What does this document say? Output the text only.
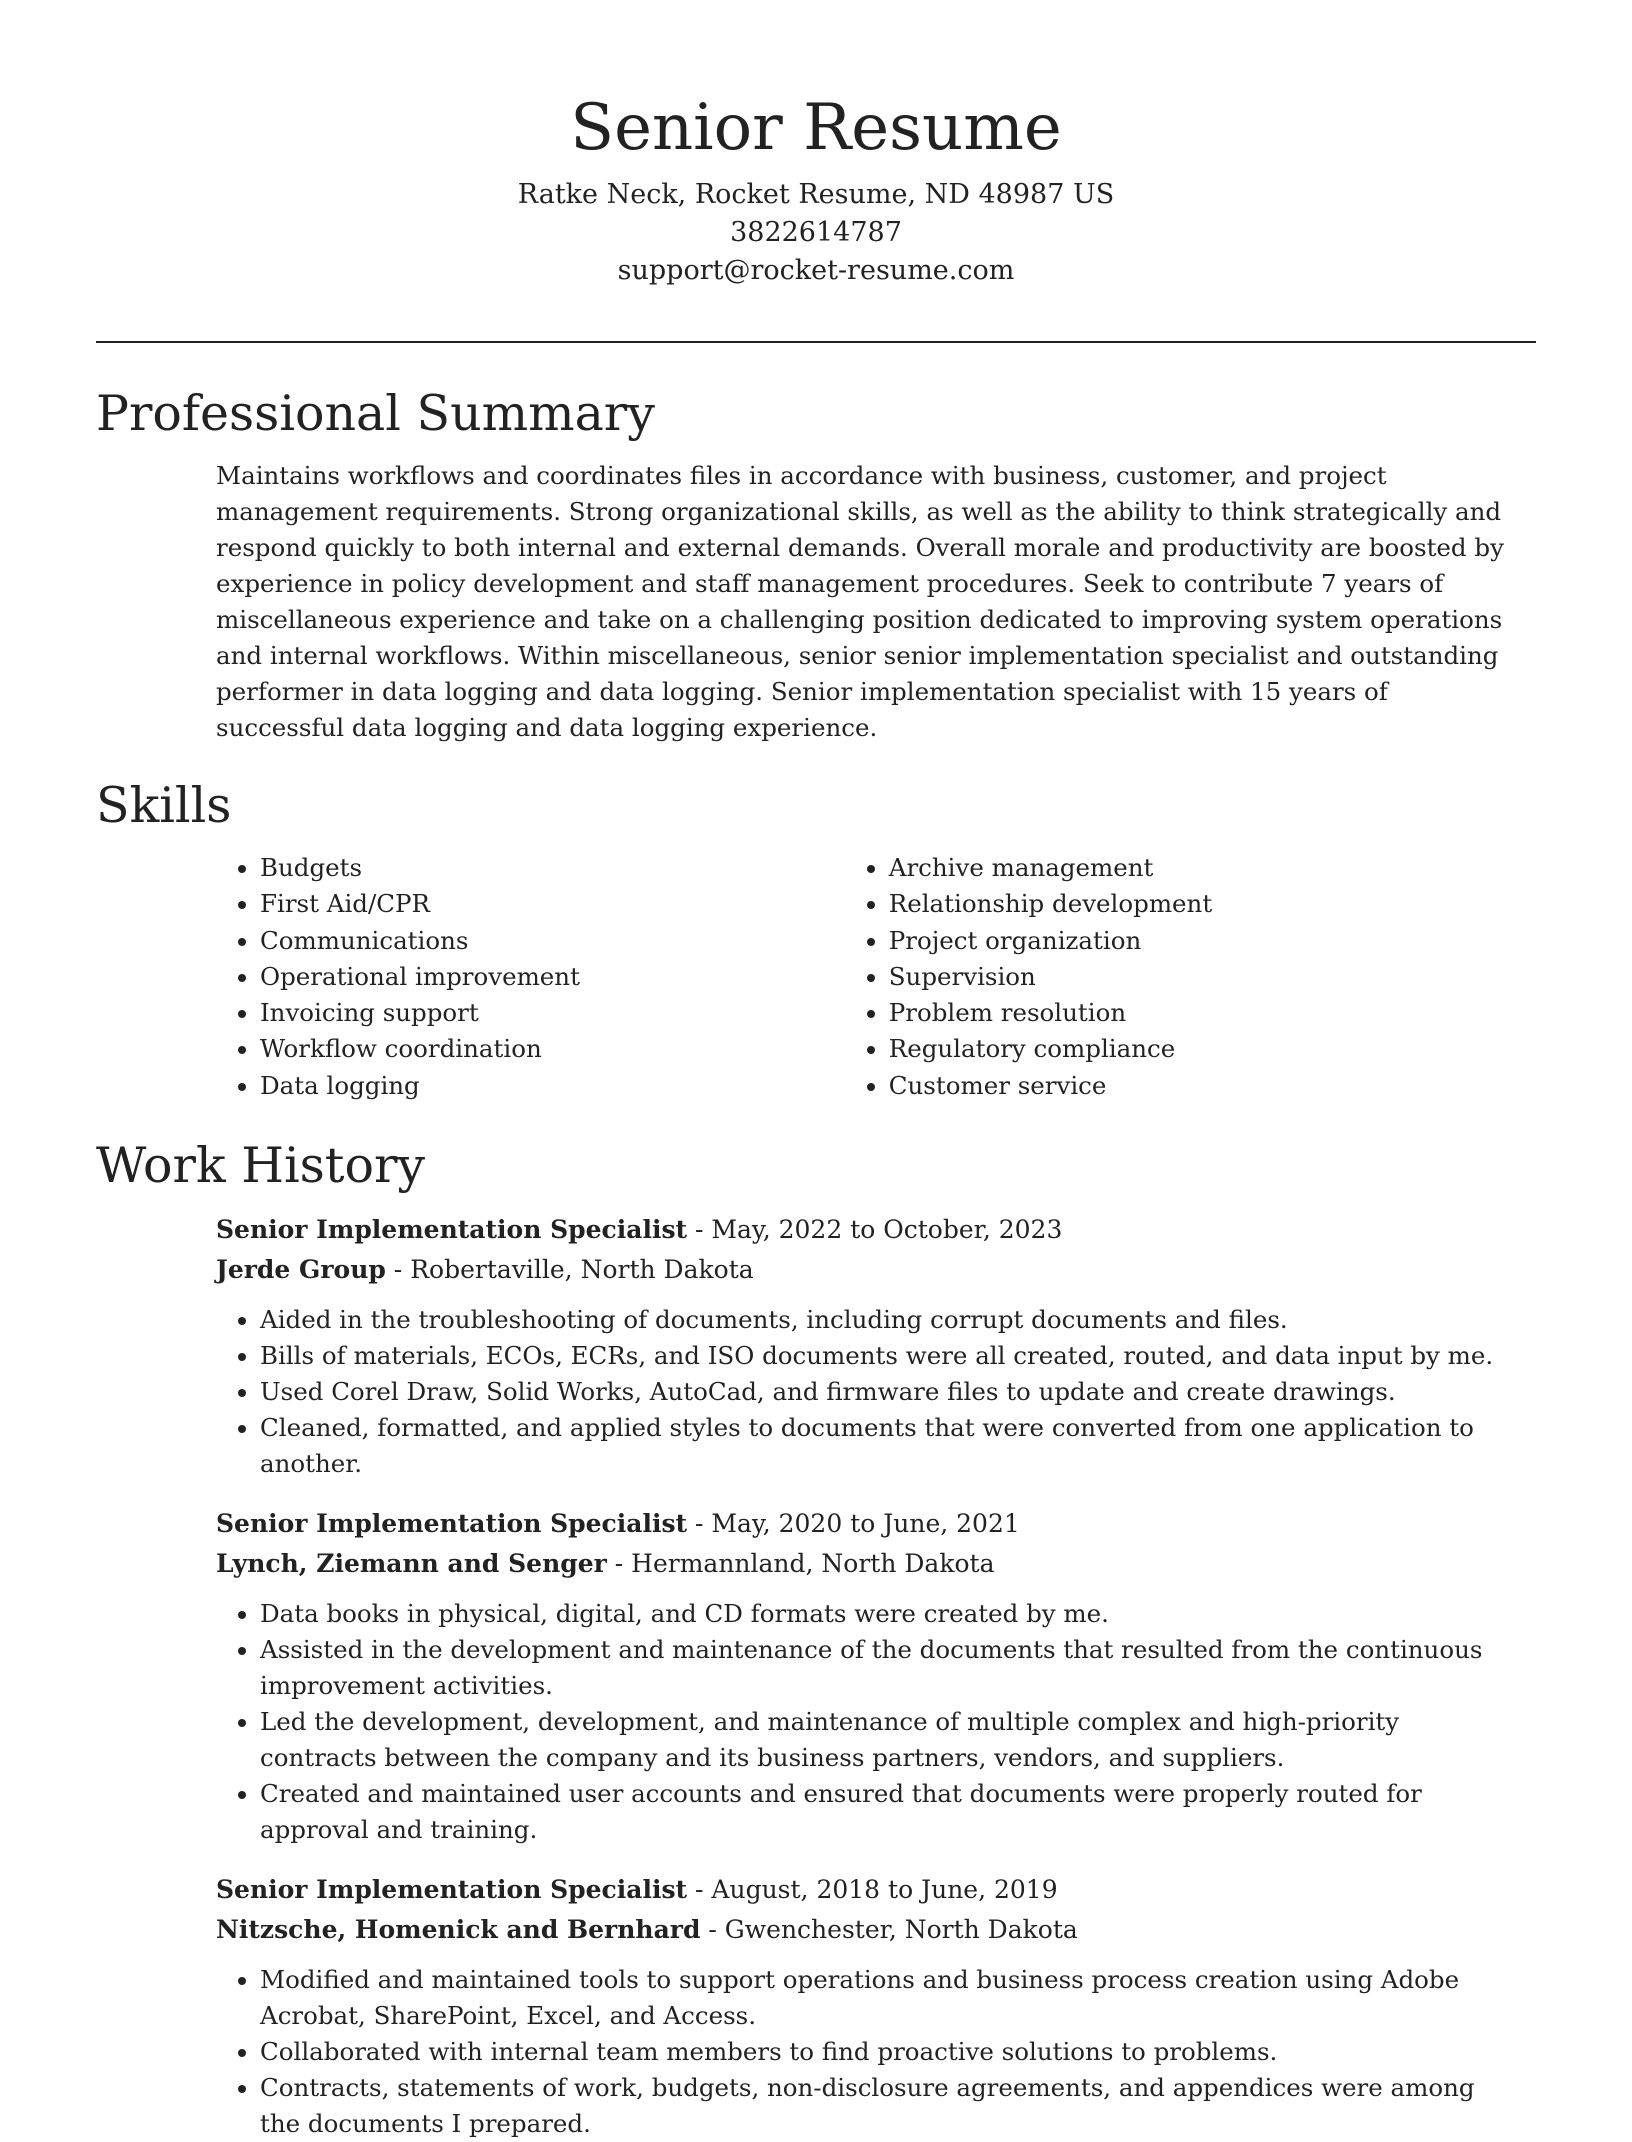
Senior Resume
Ratke Neck, Rocket Resume, ND 48987 US
3822614787
support@rocket-resume.com
Professional Summary
Maintains workflows and coordinates files in accordance with business, customer, and project management requirements. Strong organizational skills, as well as the ability to think strategically and respond quickly to both internal and external demands. Overall morale and productivity are boosted by experience in policy development and staff management procedures. Seek to contribute 7 years of miscellaneous experience and take on a challenging position dedicated to improving system operations and internal workflows. Within miscellaneous, senior senior implementation specialist and outstanding performer in data logging and data logging. Senior implementation specialist with 15 years of successful data logging and data logging experience.
Skills
• Budgets
• First Aid/CPR
• Communications
• Operational improvement
• Invoicing support
• Workflow coordination
• Data logging
• Archive management
• Relationship development
• Project organization
• Supervision
• Problem resolution
• Regulatory compliance
• Customer service
Work History
Senior Implementation Specialist - May, 2022 to October, 2023
Jerde Group - Robertaville, North Dakota
• Aided in the troubleshooting of documents, including corrupt documents and files.
• Bills of materials, ECOs, ECRs, and ISO documents were all created, routed, and data input by me.
• Used Corel Draw, Solid Works, AutoCad, and firmware files to update and create drawings.
• Cleaned, formatted, and applied styles to documents that were converted from one application to another.
Senior Implementation Specialist - May, 2020 to June, 2021
Lynch, Ziemann and Senger - Hermannland, North Dakota
• Data books in physical, digital, and CD formats were created by me.
• Assisted in the development and maintenance of the documents that resulted from the continuous improvement activities.
• Led the development, development, and maintenance of multiple complex and high-priority contracts between the company and its business partners, vendors, and suppliers.
• Created and maintained user accounts and ensured that documents were properly routed for approval and training.
Senior Implementation Specialist - August, 2018 to June, 2019
Nitzsche, Homenick and Bernhard - Gwenchester, North Dakota
• Modified and maintained tools to support operations and business process creation using Adobe Acrobat, SharePoint, Excel, and Access.
• Collaborated with internal team members to find proactive solutions to problems.
• Contracts, statements of work, budgets, non-disclosure agreements, and appendices were among the documents I prepared.
